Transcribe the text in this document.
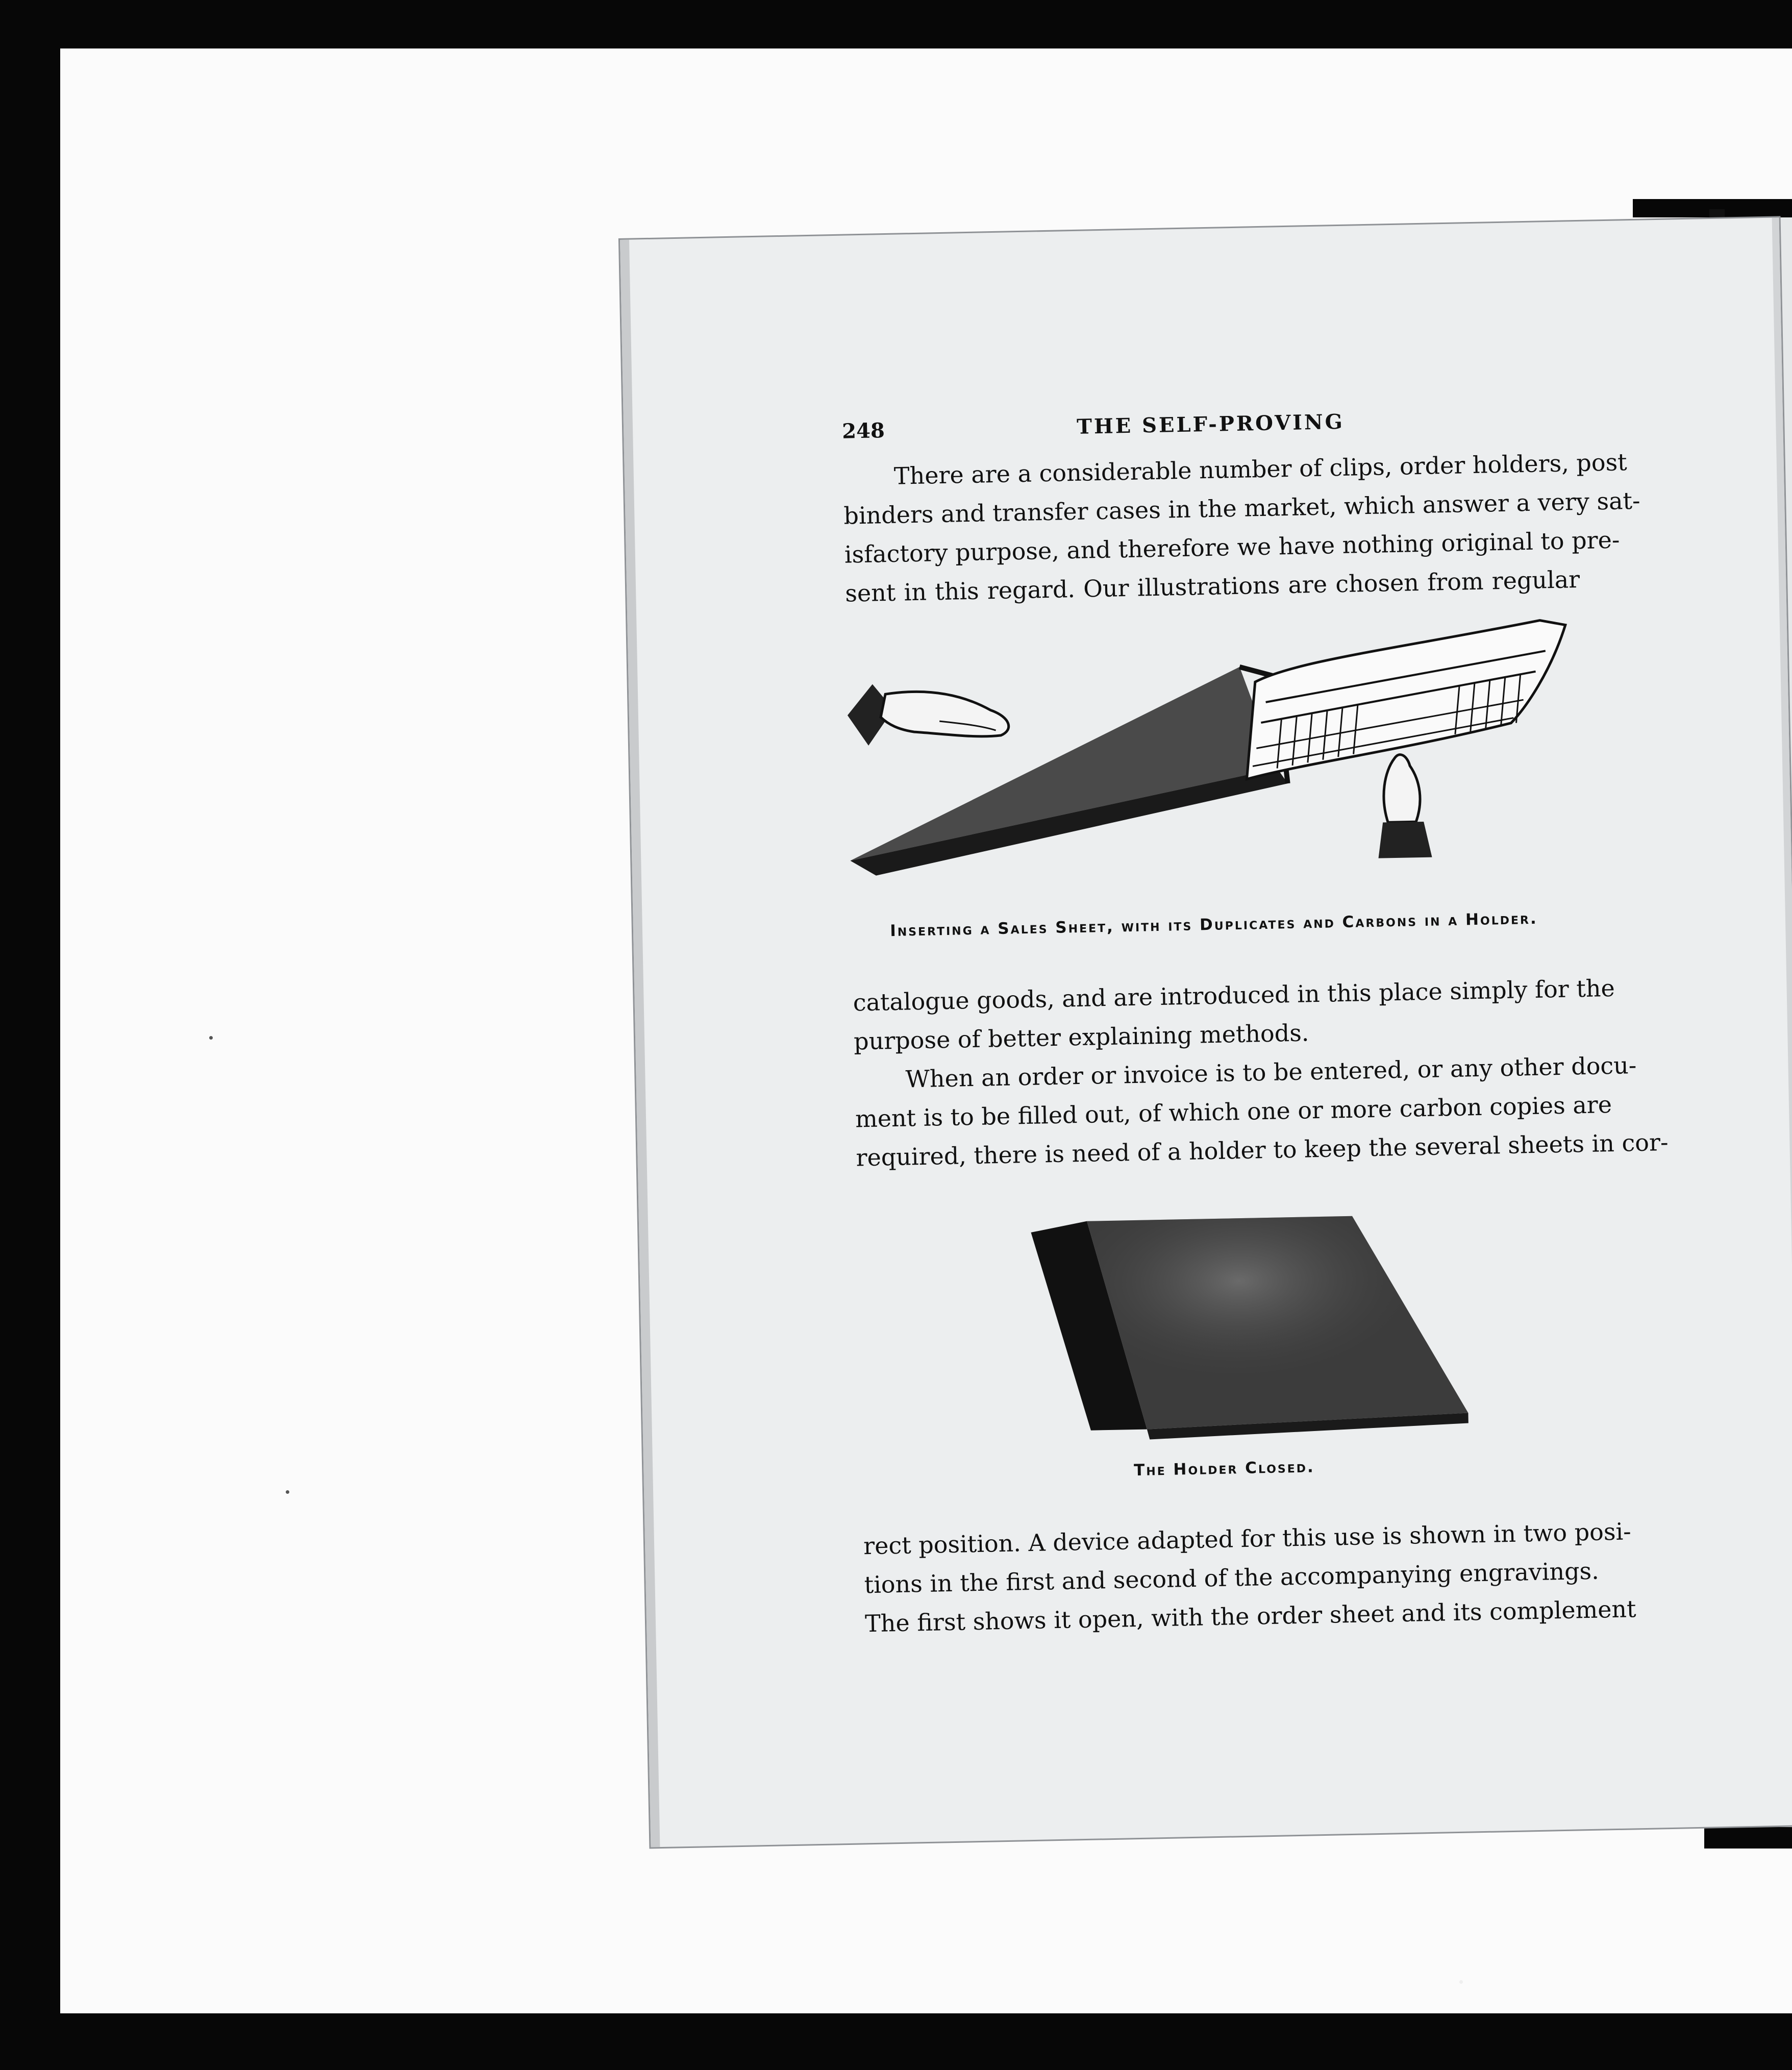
248	THE SELF-PROVING
There are a considerable number of clips, order holders, post
binders and transfer cases in the market, which answer a very sat-
isfactory purpose, and therefore we have nothing original to pre-
sent in this regard. Our illustrations are chosen from regular
Inserting a Sales Sheet, with its Duplicates and Carbons in a Holder.
catalogue goods, and are introduced in this place simply for the
purpose of better explaining methods.
When an order or invoice is to be entered, or any other docu-
ment is to be filled out, of which one or more carbon copies are
required, there is need of a holder to keep the several sheets in cor-
The Holder Closed.
rect position. A device adapted for this use is shown in two posi-
tions in the first and second of the accompanying engravings.
The first shows it open, with the order sheet and its complement
